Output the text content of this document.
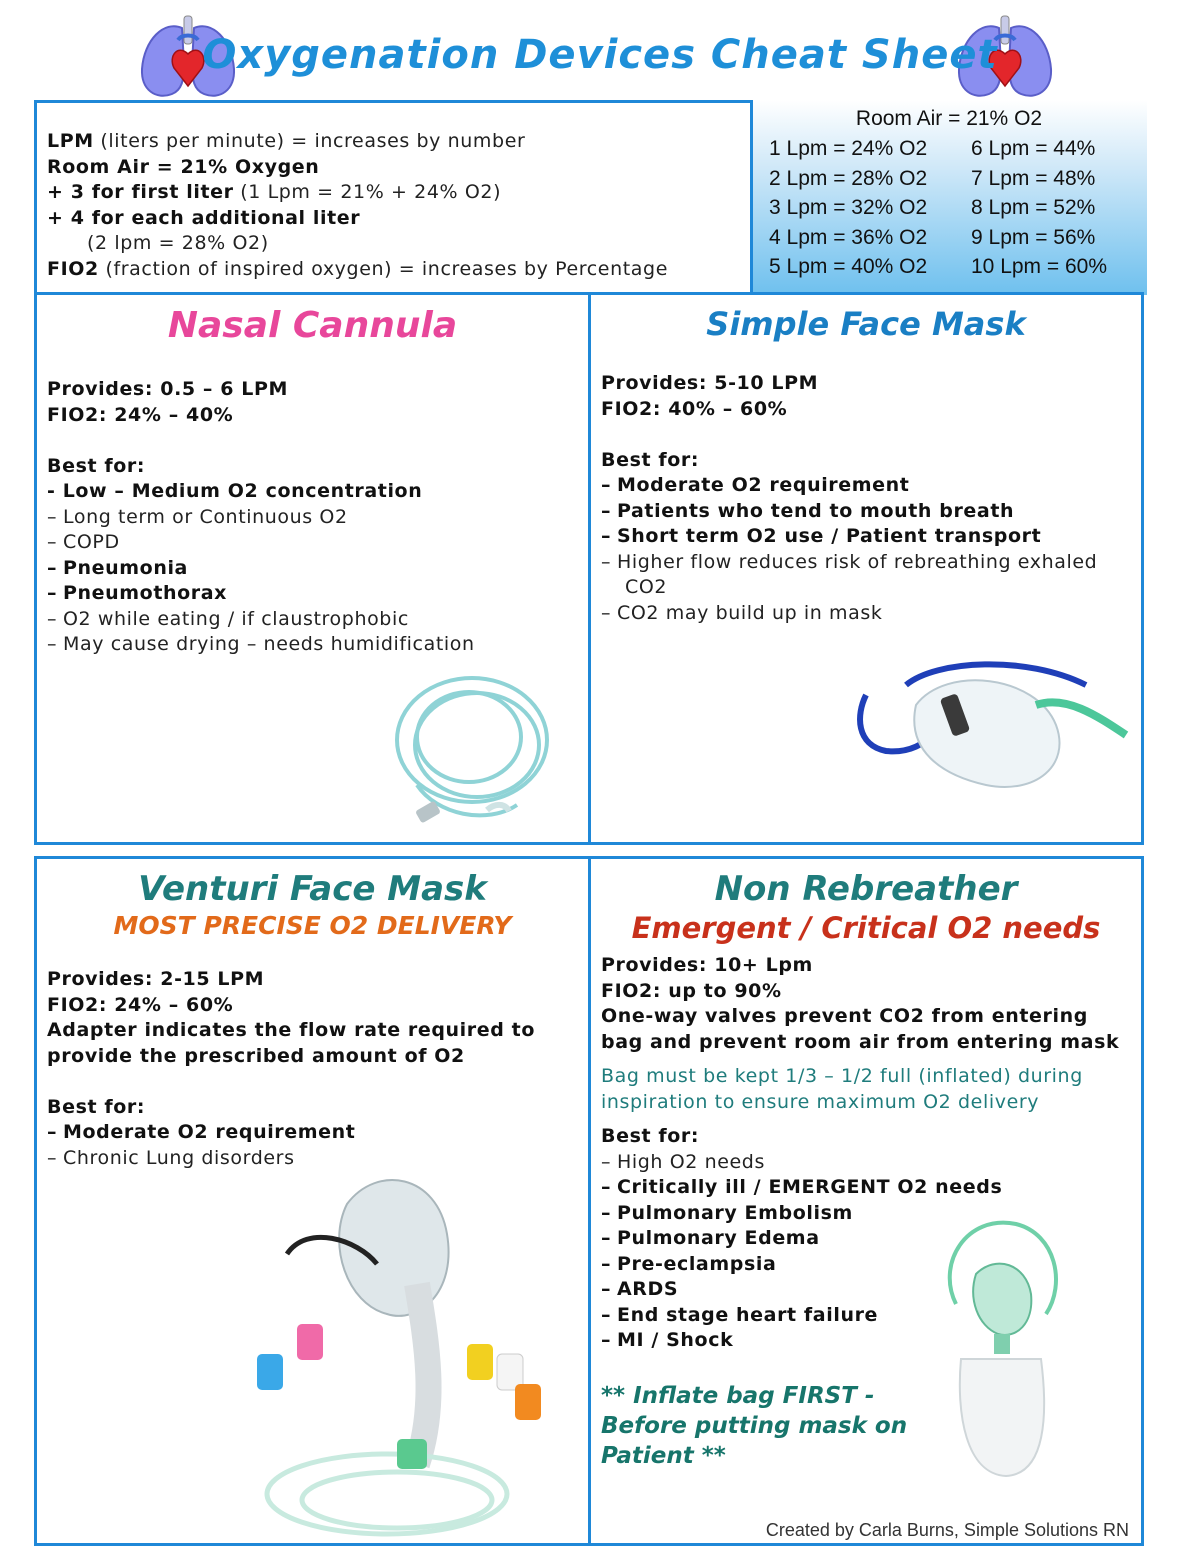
Oxygenation Devices Cheat Sheet
Room Air = 21% O2
1 Lpm = 24% O2
2 Lpm = 28% O2
3 Lpm = 32% O2
4 Lpm = 36% O2
5 Lpm = 40% O2
6 Lpm = 44%
7 Lpm = 48%
8 Lpm = 52%
9 Lpm = 56%
10 Lpm = 60%
LPM (liters per minute) = increases by number
Room Air = 21% Oxygen
+ 3 for first liter (1 Lpm = 21% + 24% O2)
+ 4 for each additional liter
(2 lpm = 28% O2)
FIO2 (fraction of inspired oxygen) = increases by Percentage
Nasal Cannula
Provides: 0.5 – 6 LPM
FIO2: 24% – 40%

Best for:
- Low – Medium O2 concentration
– Long term or Continuous O2
– COPD
– Pneumonia
– Pneumothorax
– O2 while eating / if claustrophobic
– May cause drying – needs humidification
Simple Face Mask
Provides: 5-10 LPM
FIO2: 40% – 60%

Best for:
– Moderate O2 requirement
– Patients who tend to mouth breath
– Short term O2 use / Patient transport
– Higher flow reduces risk of rebreathing exhaled
CO2
– CO2 may build up in mask
Venturi Face Mask
MOST PRECISE O2 DELIVERY
Provides: 2-15 LPM
FIO2: 24% – 60%
Adapter indicates the flow rate required to
provide the prescribed amount of O2

Best for:
– Moderate O2 requirement
– Chronic Lung disorders
Non Rebreather
Emergent / Critical O2 needs
Provides: 10+ Lpm
FIO2: up to 90%
One-way valves prevent CO2 from entering
bag and prevent room air from entering mask
Bag must be kept 1/3 – 1/2 full (inflated) during
inspiration to ensure maximum O2 delivery
Best for:
– High O2 needs
– Critically ill / EMERGENT O2 needs
– Pulmonary Embolism
– Pulmonary Edema
– Pre-eclampsia
– ARDS
– End stage heart failure
– MI / Shock
** Inflate bag FIRST -
Before putting mask on
Patient **
Created by Carla Burns, Simple Solutions RN
